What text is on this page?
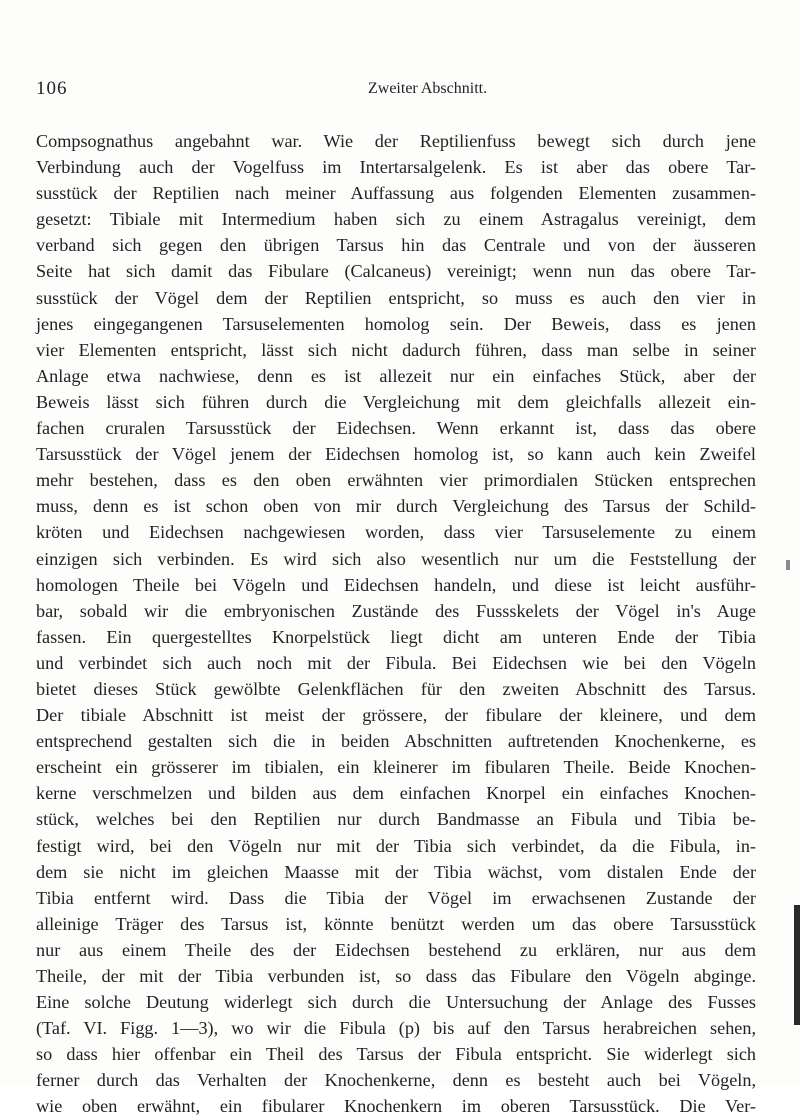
106	Zweiter Abschnitt.
Compsognathus angebahnt war. Wie der Reptilienfuss bewegt sich durch jene
Verbindung auch der Vogelfuss im Intertarsalgelenk. Es ist aber das obere Tar-
susstück der Reptilien nach meiner Auffassung aus folgenden Elementen zusammen-
gesetzt: Tibiale mit Intermedium haben sich zu einem Astragalus vereinigt, dem
verband sich gegen den übrigen Tarsus hin das Centrale und von der äusseren
Seite hat sich damit das Fibulare (Calcaneus) vereinigt; wenn nun das obere Tar-
susstück der Vögel dem der Reptilien entspricht, so muss es auch den vier in
jenes eingegangenen Tarsuselementen homolog sein. Der Beweis, dass es jenen
vier Elementen entspricht, lässt sich nicht dadurch führen, dass man selbe in seiner
Anlage etwa nachwiese, denn es ist allezeit nur ein einfaches Stück, aber der
Beweis lässt sich führen durch die Vergleichung mit dem gleichfalls allezeit ein-
fachen cruralen Tarsusstück der Eidechsen. Wenn erkannt ist, dass das obere
Tarsusstück der Vögel jenem der Eidechsen homolog ist, so kann auch kein Zweifel
mehr bestehen, dass es den oben erwähnten vier primordialen Stücken entsprechen
muss, denn es ist schon oben von mir durch Vergleichung des Tarsus der Schild-
kröten und Eidechsen nachgewiesen worden, dass vier Tarsuselemente zu einem
einzigen sich verbinden. Es wird sich also wesentlich nur um die Feststellung der
homologen Theile bei Vögeln und Eidechsen handeln, und diese ist leicht ausführ-
bar, sobald wir die embryonischen Zustände des Fussskelets der Vögel in's Auge
fassen. Ein quergestelltes Knorpelstück liegt dicht am unteren Ende der Tibia
und verbindet sich auch noch mit der Fibula. Bei Eidechsen wie bei den Vögeln
bietet dieses Stück gewölbte Gelenkflächen für den zweiten Abschnitt des Tarsus.
Der tibiale Abschnitt ist meist der grössere, der fibulare der kleinere, und dem
entsprechend gestalten sich die in beiden Abschnitten auftretenden Knochenkerne, es
erscheint ein grösserer im tibialen, ein kleinerer im fibularen Theile. Beide Knochen-
kerne verschmelzen und bilden aus dem einfachen Knorpel ein einfaches Knochen-
stück, welches bei den Reptilien nur durch Bandmasse an Fibula und Tibia be-
festigt wird, bei den Vögeln nur mit der Tibia sich verbindet, da die Fibula, in-
dem sie nicht im gleichen Maasse mit der Tibia wächst, vom distalen Ende der
Tibia entfernt wird. Dass die Tibia der Vögel im erwachsenen Zustande der
alleinige Träger des Tarsus ist, könnte benützt werden um das obere Tarsusstück
nur aus einem Theile des der Eidechsen bestehend zu erklären, nur aus dem
Theile, der mit der Tibia verbunden ist, so dass das Fibulare den Vögeln abginge.
Eine solche Deutung widerlegt sich durch die Untersuchung der Anlage des Fusses
(Taf. VI. Figg. 1—3), wo wir die Fibula (p) bis auf den Tarsus herabreichen sehen,
so dass hier offenbar ein Theil des Tarsus der Fibula entspricht. Sie widerlegt sich
ferner durch das Verhalten der Knochenkerne, denn es besteht auch bei Vögeln,
wie oben erwähnt, ein fibularer Knochenkern im oberen Tarsusstück. Die Ver-
